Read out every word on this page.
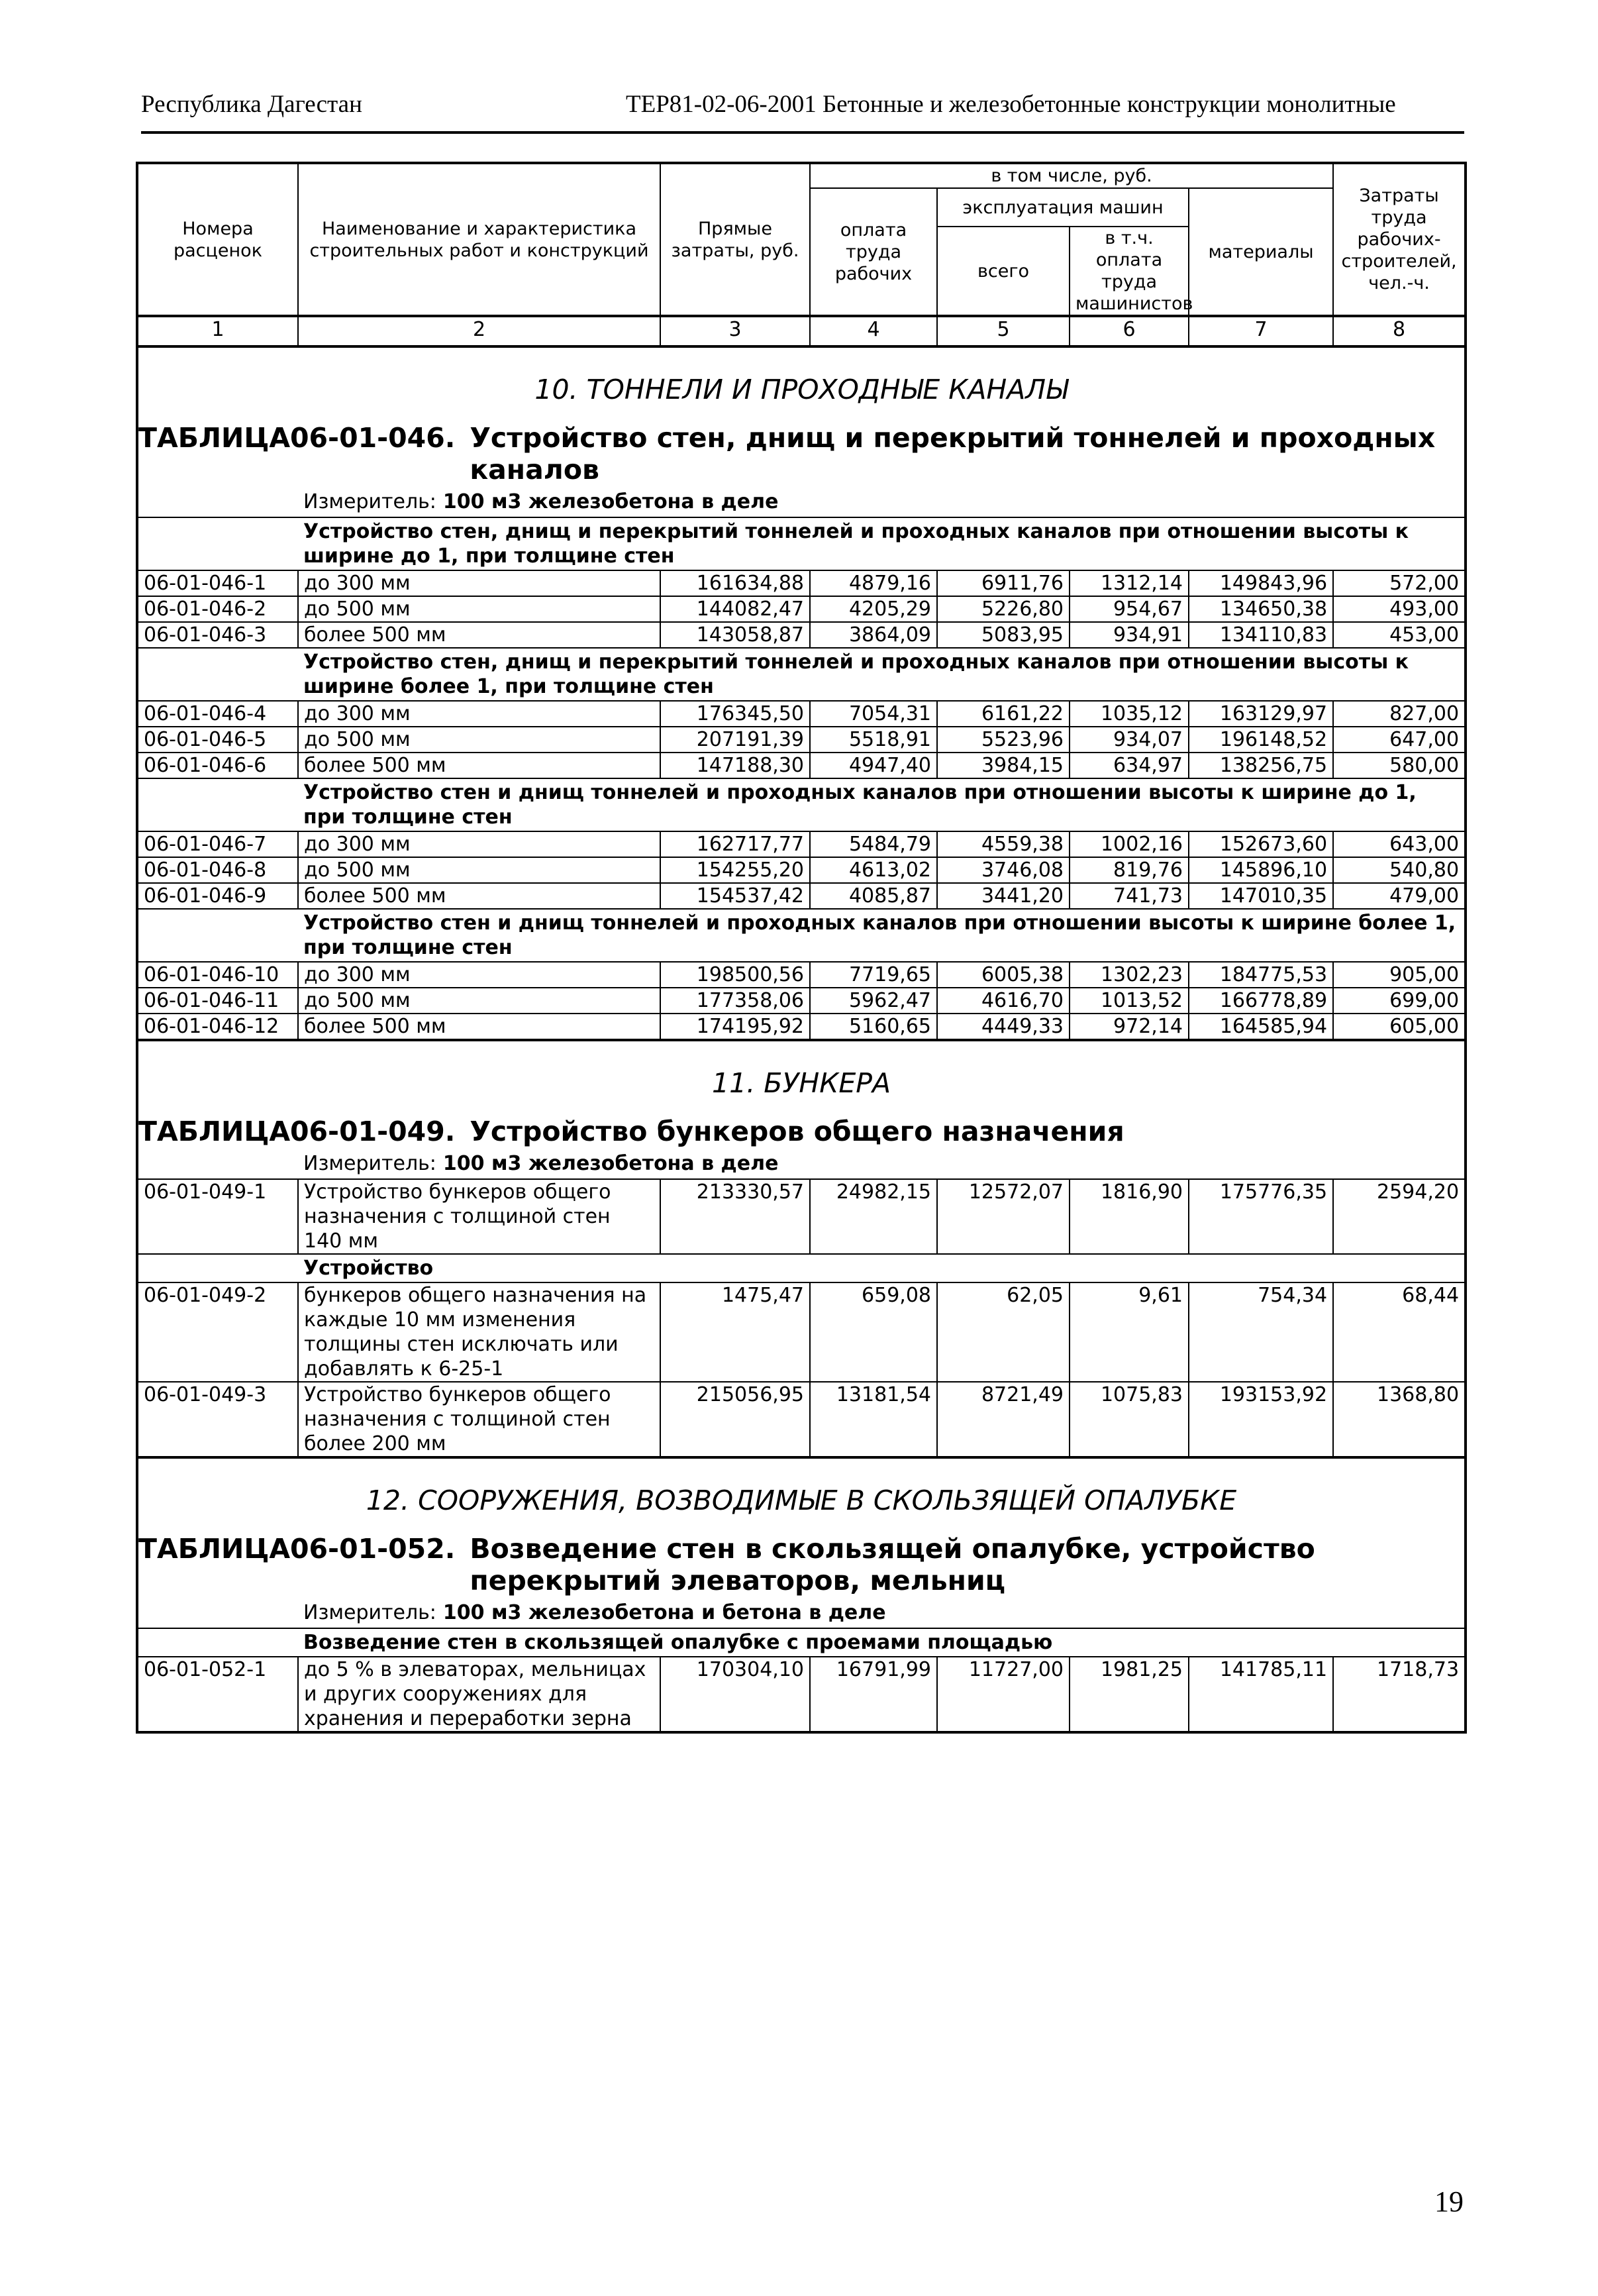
Республика Дагестан	ТЕР81-02-06-2001 Бетонные и железобетонные конструкции монолитные
Номера расценок	Наименование и характеристика строительных работ и конструкций	Прямые затраты, руб.	в том числе, руб.				Затраты труда рабочих-строителей, чел.-ч.
			оплата труда рабочих	эксплуатация машин		материалы	
				всего	в т.ч. оплата труда машинистов		
1	2	3	4	5	6	7	8
10. ТОННЕЛИ И ПРОХОДНЫЕ КАНАЛЫ							
ТАБЛИЦА	06-01-046. Устройство стен, днищ и перекрытий тоннелей и проходных каналов						

	Измеритель: 100 м3 железобетона в деле						
	Устройство стен, днищ и перекрытий тоннелей и проходных каналов при отношении высоты к ширине до 1, при толщине стен						
06-01-046-1	до 300 мм	161634,88	4879,16	6911,76	1312,14	149843,96	572,00
06-01-046-2	до 500 мм	144082,47	4205,29	5226,80	954,67	134650,38	493,00
06-01-046-3	более 500 мм	143058,87	3864,09	5083,95	934,91	134110,83	453,00
	Устройство стен, днищ и перекрытий тоннелей и проходных каналов при отношении высоты к ширине более 1, при толщине стен						
06-01-046-4	до 300 мм	176345,50	7054,31	6161,22	1035,12	163129,97	827,00
06-01-046-5	до 500 мм	207191,39	5518,91	5523,96	934,07	196148,52	647,00
06-01-046-6	более 500 мм	147188,30	4947,40	3984,15	634,97	138256,75	580,00
	Устройство стен и днищ тоннелей и проходных каналов при отношении высоты к ширине до 1, при толщине стен						
06-01-046-7	до 300 мм	162717,77	5484,79	4559,38	1002,16	152673,60	643,00
06-01-046-8	до 500 мм	154255,20	4613,02	3746,08	819,76	145896,10	540,80
06-01-046-9	более 500 мм	154537,42	4085,87	3441,20	741,73	147010,35	479,00
	Устройство стен и днищ тоннелей и проходных каналов при отношении высоты к ширине более 1, при толщине стен						
06-01-046-10	до 300 мм	198500,56	7719,65	6005,38	1302,23	184775,53	905,00
06-01-046-11	до 500 мм	177358,06	5962,47	4616,70	1013,52	166778,89	699,00
06-01-046-12	более 500 мм	174195,92	5160,65	4449,33	972,14	164585,94	605,00
11. БУНКЕРА							
ТАБЛИЦА	06-01-049. Устройство бункеров общего назначения						

	Измеритель: 100 м3 железобетона в деле						
06-01-049-1	Устройство бункеров общего назначения с толщиной стен 140 мм	213330,57	24982,15	12572,07	1816,90	175776,35	2594,20
	Устройство						
06-01-049-2	бункеров общего назначения на каждые 10 мм изменения толщины стен исключать или добавлять к 6-25-1	1475,47	659,08	62,05	9,61	754,34	68,44
06-01-049-3	Устройство бункеров общего назначения с толщиной стен более 200 мм	215056,95	13181,54	8721,49	1075,83	193153,92	1368,80
12. СООРУЖЕНИЯ, ВОЗВОДИМЫЕ В СКОЛЬЗЯЩЕЙ ОПАЛУБКЕ							
ТАБЛИЦА	06-01-052. Возведение стен в скользящей опалубке, устройство перекрытий элеваторов, мельниц						

	Измеритель: 100 м3 железобетона и бетона в деле						
	Возведение стен в скользящей опалубке с проемами площадью						
06-01-052-1	до 5 % в элеваторах, мельницах и других сооружениях для хранения и переработки зерна	170304,10	16791,99	11727,00	1981,25	141785,11	1718,73
19
